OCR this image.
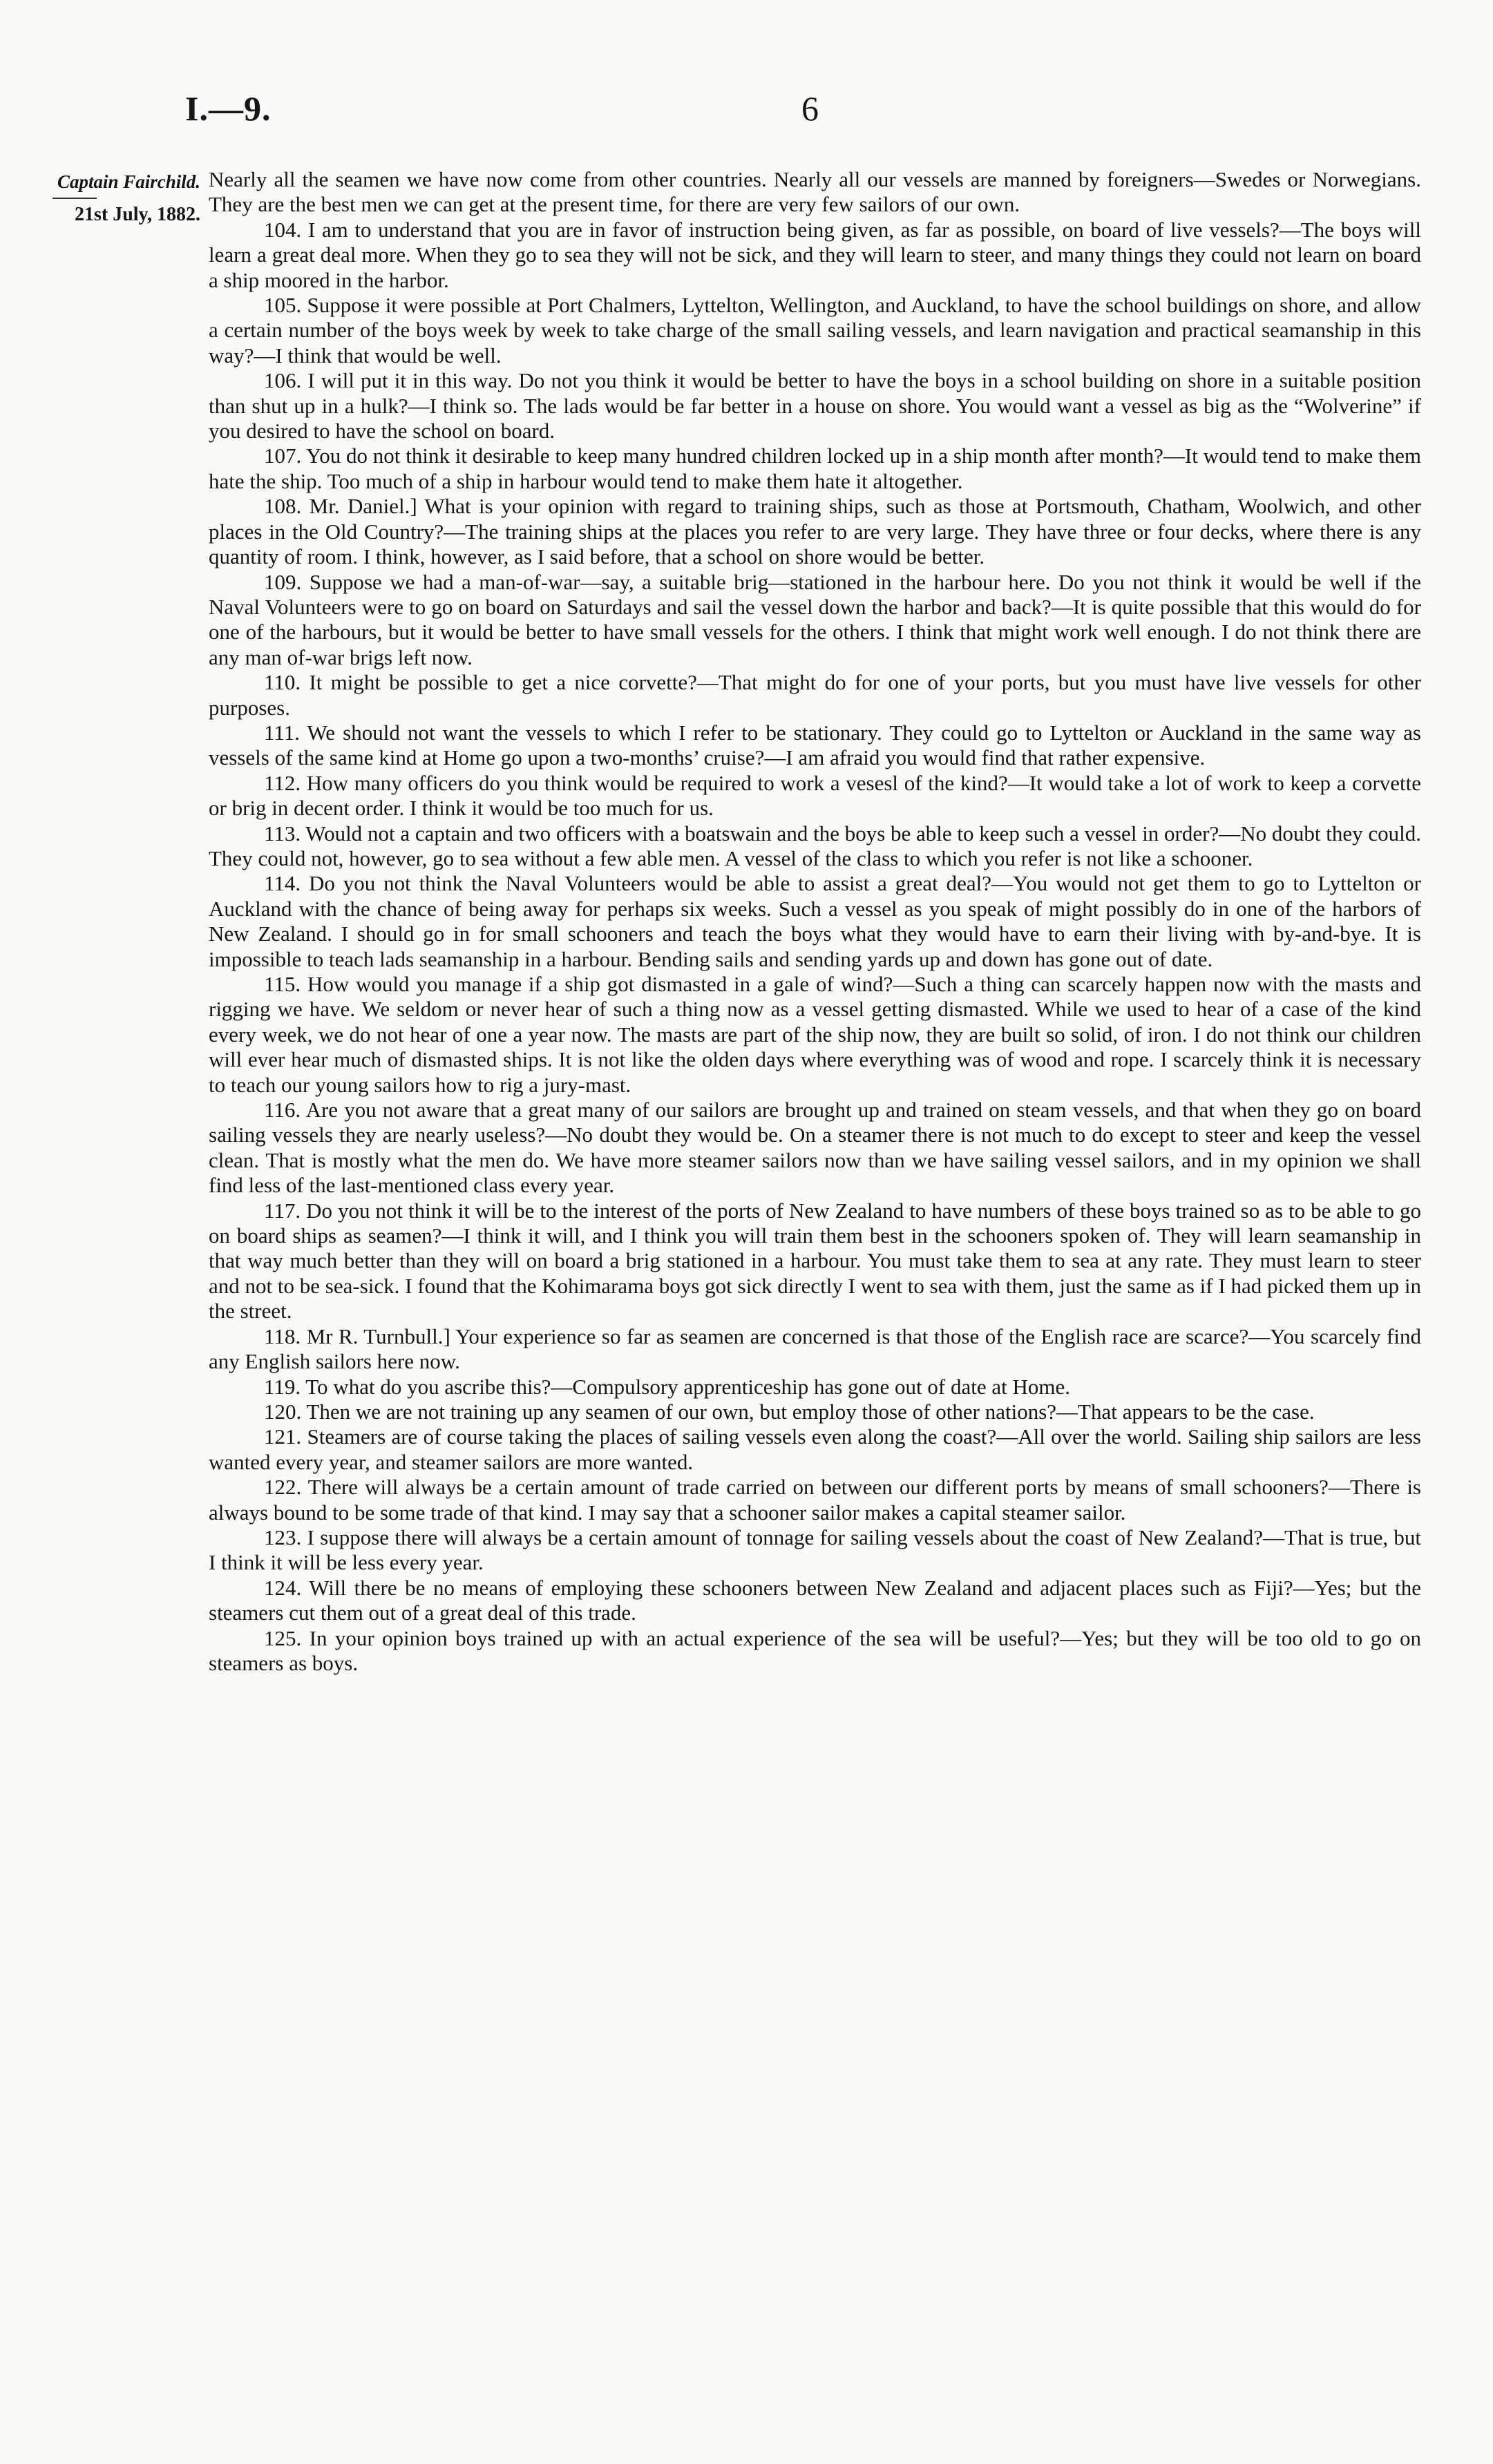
I.—9.	6
Captain Fairchild.
21st July, 1882.

Nearly all the seamen we have now come from other countries. Nearly all our vessels are manned by foreigners—Swedes or Norwegians. They are the best men we can get at the present time, for there are very few sailors of our own.

104. I am to understand that you are in favor of instruction being given, as far as possible, on board of live vessels?—The boys will learn a great deal more. When they go to sea they will not be sick, and they will learn to steer, and many things they could not learn on board a ship moored in the harbor.

105. Suppose it were possible at Port Chalmers, Lyttelton, Wellington, and Auckland, to have the school buildings on shore, and allow a certain number of the boys week by week to take charge of the small sailing vessels, and learn navigation and practical seamanship in this way?—I think that would be well.

106. I will put it in this way. Do not you think it would be better to have the boys in a school building on shore in a suitable position than shut up in a hulk?—I think so. The lads would be far better in a house on shore. You would want a vessel as big as the “Wolverine” if you desired to have the school on board.

107. You do not think it desirable to keep many hundred children locked up in a ship month after month?—It would tend to make them hate the ship. Too much of a ship in harbour would tend to make them hate it altogether.

108. Mr. Daniel.] What is your opinion with regard to training ships, such as those at Portsmouth, Chatham, Woolwich, and other places in the Old Country?—The training ships at the places you refer to are very large. They have three or four decks, where there is any quantity of room. I think, however, as I said before, that a school on shore would be better.

109. Suppose we had a man-of-war—say, a suitable brig—stationed in the harbour here. Do you not think it would be well if the Naval Volunteers were to go on board on Saturdays and sail the vessel down the harbor and back?—It is quite possible that this would do for one of the harbours, but it would be better to have small vessels for the others. I think that might work well enough. I do not think there are any man of-war brigs left now.

110. It might be possible to get a nice corvette?—That might do for one of your ports, but you must have live vessels for other purposes.

111. We should not want the vessels to which I refer to be stationary. They could go to Lyttelton or Auckland in the same way as vessels of the same kind at Home go upon a two-months’ cruise?—I am afraid you would find that rather expensive.

112. How many officers do you think would be required to work a vesesl of the kind?—It would take a lot of work to keep a corvette or brig in decent order. I think it would be too much for us.

113. Would not a captain and two officers with a boatswain and the boys be able to keep such a vessel in order?—No doubt they could. They could not, however, go to sea without a few able men. A vessel of the class to which you refer is not like a schooner.

114. Do you not think the Naval Volunteers would be able to assist a great deal?—You would not get them to go to Lyttelton or Auckland with the chance of being away for perhaps six weeks. Such a vessel as you speak of might possibly do in one of the harbors of New Zealand. I should go in for small schooners and teach the boys what they would have to earn their living with by-and-bye. It is impossible to teach lads seamanship in a harbour. Bending sails and sending yards up and down has gone out of date.

115. How would you manage if a ship got dismasted in a gale of wind?—Such a thing can scarcely happen now with the masts and rigging we have. We seldom or never hear of such a thing now as a vessel getting dismasted. While we used to hear of a case of the kind every week, we do not hear of one a year now. The masts are part of the ship now, they are built so solid, of iron. I do not think our children will ever hear much of dismasted ships. It is not like the olden days where everything was of wood and rope. I scarcely think it is necessary to teach our young sailors how to rig a jury-mast.

116. Are you not aware that a great many of our sailors are brought up and trained on steam vessels, and that when they go on board sailing vessels they are nearly useless?—No doubt they would be. On a steamer there is not much to do except to steer and keep the vessel clean. That is mostly what the men do. We have more steamer sailors now than we have sailing vessel sailors, and in my opinion we shall find less of the last-mentioned class every year.

117. Do you not think it will be to the interest of the ports of New Zealand to have numbers of these boys trained so as to be able to go on board ships as seamen?—I think it will, and I think you will train them best in the schooners spoken of. They will learn seamanship in that way much better than they will on board a brig stationed in a harbour. You must take them to sea at any rate. They must learn to steer and not to be sea-sick. I found that the Kohimarama boys got sick directly I went to sea with them, just the same as if I had picked them up in the street.

118. Mr R. Turnbull.] Your experience so far as seamen are concerned is that those of the English race are scarce?—You scarcely find any English sailors here now.

119. To what do you ascribe this?—Compulsory apprenticeship has gone out of date at Home.

120. Then we are not training up any seamen of our own, but employ those of other nations?—That appears to be the case.

121. Steamers are of course taking the places of sailing vessels even along the coast?—All over the world. Sailing ship sailors are less wanted every year, and steamer sailors are more wanted.

122. There will always be a certain amount of trade carried on between our different ports by means of small schooners?—There is always bound to be some trade of that kind. I may say that a schooner sailor makes a capital steamer sailor.

123. I suppose there will always be a certain amount of tonnage for sailing vessels about the coast of New Zealand?—That is true, but I think it will be less every year.

124. Will there be no means of employing these schooners between New Zealand and adjacent places such as Fiji?—Yes; but the steamers cut them out of a great deal of this trade.

125. In your opinion boys trained up with an actual experience of the sea will be useful?—Yes; but they will be too old to go on steamers as boys.
